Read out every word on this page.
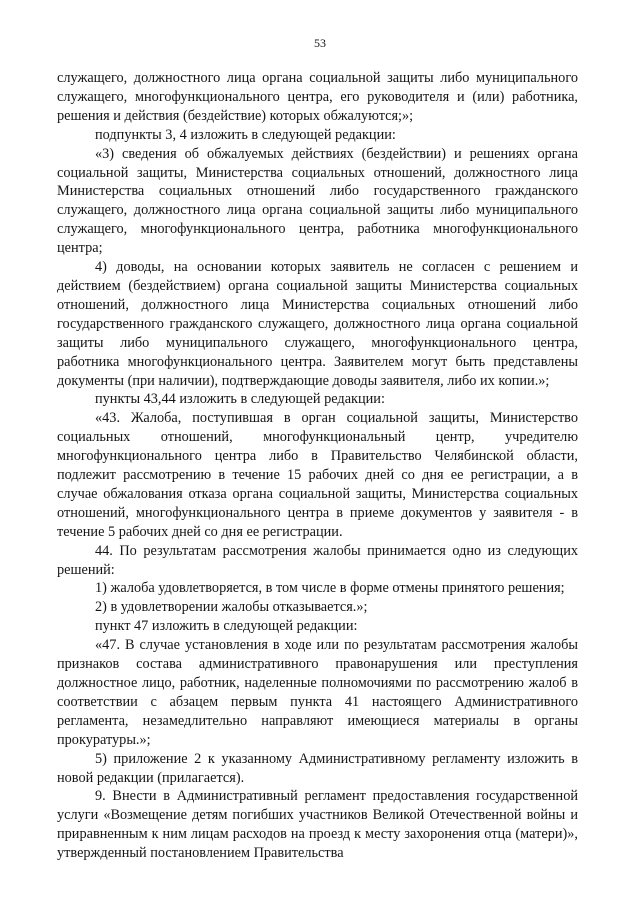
53

служащего, должностного лица органа социальной защиты либо муниципального служащего, многофункционального центра, его руководителя и (или) работника, решения и действия (бездействие) которых обжалуются;»;

подпункты 3, 4 изложить в следующей редакции:

«3) сведения об обжалуемых действиях (бездействии) и решениях органа социальной защиты, Министерства социальных отношений, должностного лица Министерства социальных отношений либо государственного гражданского служащего, должностного лица органа социальной защиты либо муниципального служащего, многофункционального центра, работника многофункционального центра;

4) доводы, на основании которых заявитель не согласен с решением и действием (бездействием) органа социальной защиты Министерства социальных отношений, должностного лица Министерства социальных отношений либо государственного гражданского служащего, должностного лица органа социальной защиты либо муниципального служащего, многофункционального центра, работника многофункционального центра. Заявителем могут быть представлены документы (при наличии), подтверждающие доводы заявителя, либо их копии.»;

пункты 43,44 изложить в следующей редакции:

«43. Жалоба, поступившая в орган социальной защиты, Министерство социальных отношений, многофункциональный центр, учредителю многофункционального центра либо в Правительство Челябинской области, подлежит рассмотрению в течение 15 рабочих дней со дня ее регистрации, а в случае обжалования отказа органа социальной защиты, Министерства социальных отношений, многофункционального центра в приеме документов у заявителя - в течение 5 рабочих дней со дня ее регистрации.

44. По результатам рассмотрения жалобы принимается одно из следующих решений:

1) жалоба удовлетворяется, в том числе в форме отмены принятого решения;

2) в удовлетворении жалобы отказывается.»;

пункт 47 изложить в следующей редакции:

«47. В случае установления в ходе или по результатам рассмотрения жалобы признаков состава административного правонарушения или преступления должностное лицо, работник, наделенные полномочиями по рассмотрению жалоб в соответствии с абзацем первым пункта 41 настоящего Административного регламента, незамедлительно направляют имеющиеся материалы в органы прокуратуры.»;

5) приложение 2 к указанному Административному регламенту изложить в новой редакции (прилагается).

9. Внести в Административный регламент предоставления государственной услуги «Возмещение детям погибших участников Великой Отечественной войны и приравненным к ним лицам расходов на проезд к месту захоронения отца (матери)», утвержденный постановлением Правительства
